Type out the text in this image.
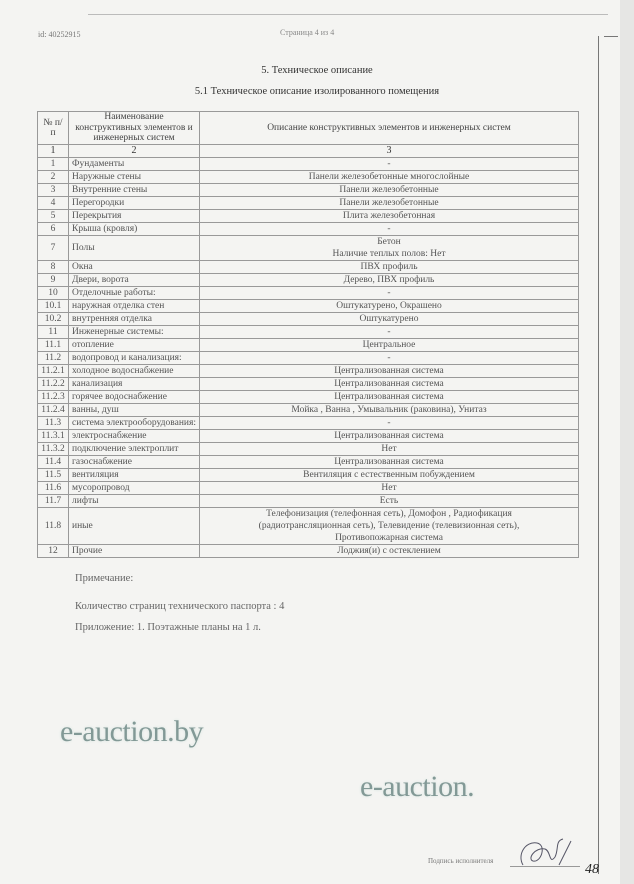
id: 40252915	Страница 4 из 4
5. Техническое описание
5.1 Техническое описание изолированного помещения
№ п/п	Наименование конструктивных элементов и инженерных систем	Описание конструктивных элементов и инженерных систем
1	2	3
1	Фундаменты	-

2	Наружные стены	Панели железобетонные многослойные

3	Внутренние стены	Панели железобетонные

4	Перегородки	Панели железобетонные

5	Перекрытия	Плита железобетонная

6	Крыша (кровля)	-

7	Полы	Бетон
Наличие теплых полов: Нет

8	Окна	ПВХ профиль

9	Двери, ворота	Дерево, ПВХ профиль

10	Отделочные работы:	-

10.1	наружная отделка стен	Оштукатурено, Окрашено

10.2	внутренняя отделка	Оштукатурено

11	Инженерные системы:	-

11.1	отопление	Центральное

11.2	водопровод и канализация:	-

11.2.1	холодное водоснабжение	Централизованная система

11.2.2	канализация	Централизованная система

11.2.3	горячее водоснабжение	Централизованная система

11.2.4	ванны, душ	Мойка , Ванна , Умывальник (раковина), Унитаз

11.3	система электрооборудования:	-

11.3.1	электроснабжение	Централизованная система

11.3.2	подключение электроплит	Нет

11.4	газоснабжение	Централизованная система

11.5	вентиляция	Вентиляция с естественным побуждением

11.6	мусоропровод	Нет

11.7	лифты	Есть

11.8	иные	Телефонизация (телефонная сеть), Домофон , Радиофикация
(радиотрансляционная сеть), Телевидение (телевизионная сеть),
Противопожарная система

12	Прочие	Лоджия(и) с остеклением
Примечание:
Количество страниц технического паспорта : 4
Приложение: 1. Поэтажные планы на 1 л.
Подпись исполнителя
48
e-auction.by
e-auction.
